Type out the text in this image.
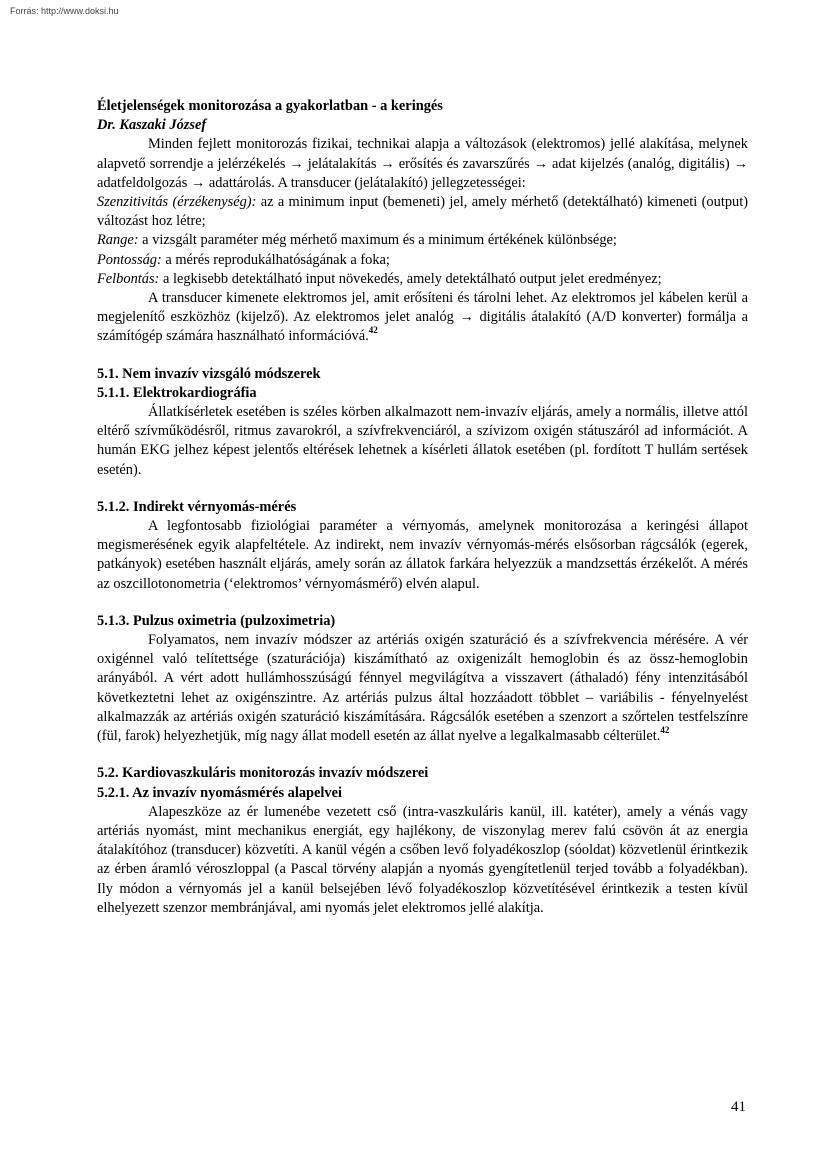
Forrás: http://www.doksi.hu

Életjelenségek monitorozása a gyakorlatban - a keringés

Dr. Kaszaki József

Minden fejlett monitorozás fizikai, technikai alapja a változások (elektromos) jellé alakítása, melynek alapvető sorrendje a jelérzékelés → jelátalakítás → erősítés és zavarszűrés → adat kijelzés (analóg, digitális) → adatfeldolgozás → adattárolás. A transducer (jelátalakító) jellegzetességei:

Szenzitivitás (érzékenység): az a minimum input (bemeneti) jel, amely mérhető (detektálható) kimeneti (output) változást hoz létre;

Range: a vizsgált paraméter még mérhető maximum és a minimum értékének különbsége;

Pontosság: a mérés reprodukálhatóságának a foka;

Felbontás: a legkisebb detektálható input növekedés, amely detektálható output jelet eredményez;

A transducer kimenete elektromos jel, amit erősíteni és tárolni lehet. Az elektromos jel kábelen kerül a megjelenítő eszközhöz (kijelző). Az elektromos jelet analóg → digitális átalakító (A/D konverter) formálja a számítógép számára használható információvá.$^{42}$

5.1. Nem invazív vizsgáló módszerek

5.1.1. Elektrokardiográfia

Állatkísérletek esetében is széles körben alkalmazott nem-invazív eljárás, amely a normális, illetve attól eltérő szívműködésről, ritmus zavarokról, a szívfrekvenciáról, a szívizom oxigén státuszáról ad információt. A humán EKG jelhez képest jelentős eltérések lehetnek a kísérleti állatok esetében (pl. fordított T hullám sertések esetén).

5.1.2. Indirekt vérnyomás-mérés

A legfontosabb fiziológiai paraméter a vérnyomás, amelynek monitorozása a keringési állapot megismerésének egyik alapfeltétele. Az indirekt, nem invazív vérnyomás-mérés elsősorban rágcsálók (egerek, patkányok) esetében használt eljárás, amely során az állatok farkára helyezzük a mandzsettás érzékelőt. A mérés az oszcillotonometria (‘elektromos’ vérnyomásmérő) elvén alapul.

5.1.3. Pulzus oximetria (pulzoximetria)

Folyamatos, nem invazív módszer az artériás oxigén szaturáció és a szívfrekvencia mérésére. A vér oxigénnel való telítettsége (szaturációja) kiszámítható az oxigenizált hemoglobin és az össz-hemoglobin arányából. A vért adott hullámhosszúságú fénnyel megvilágítva a visszavert (áthaladó) fény intenzitásából következtetni lehet az oxigénszintre. Az artériás pulzus által hozzáadott többlet – variábilis - fényelnyelést alkalmazzák az artériás oxigén szaturáció kiszámítására. Rágcsálók esetében a szenzort a szőrtelen testfelszínre (fül, farok) helyezhetjük, míg nagy állat modell esetén az állat nyelve a legalkalmasabb célterület.$^{42}$

5.2. Kardiovaszkuláris monitorozás invazív módszerei

5.2.1. Az invazív nyomásmérés alapelvei

Alapeszköze az ér lumenébe vezetett cső (intra-vaszkuláris kanül, ill. katéter), amely a vénás vagy artériás nyomást, mint mechanikus energiát, egy hajlékony, de viszonylag merev falú csövön át az energia átalakítóhoz (transducer) közvetíti. A kanül végén a csőben levő folyadékoszlop (sóoldat) közvetlenül érintkezik az érben áramló véroszloppal (a Pascal törvény alapján a nyomás gyengítetlenül terjed tovább a folyadékban). Ily módon a vérnyomás jel a kanül belsejében lévő folyadékoszlop közvetítésével érintkezik a testen kívül elhelyezett szenzor membránjával, ami nyomás jelet elektromos jellé alakítja.

41
